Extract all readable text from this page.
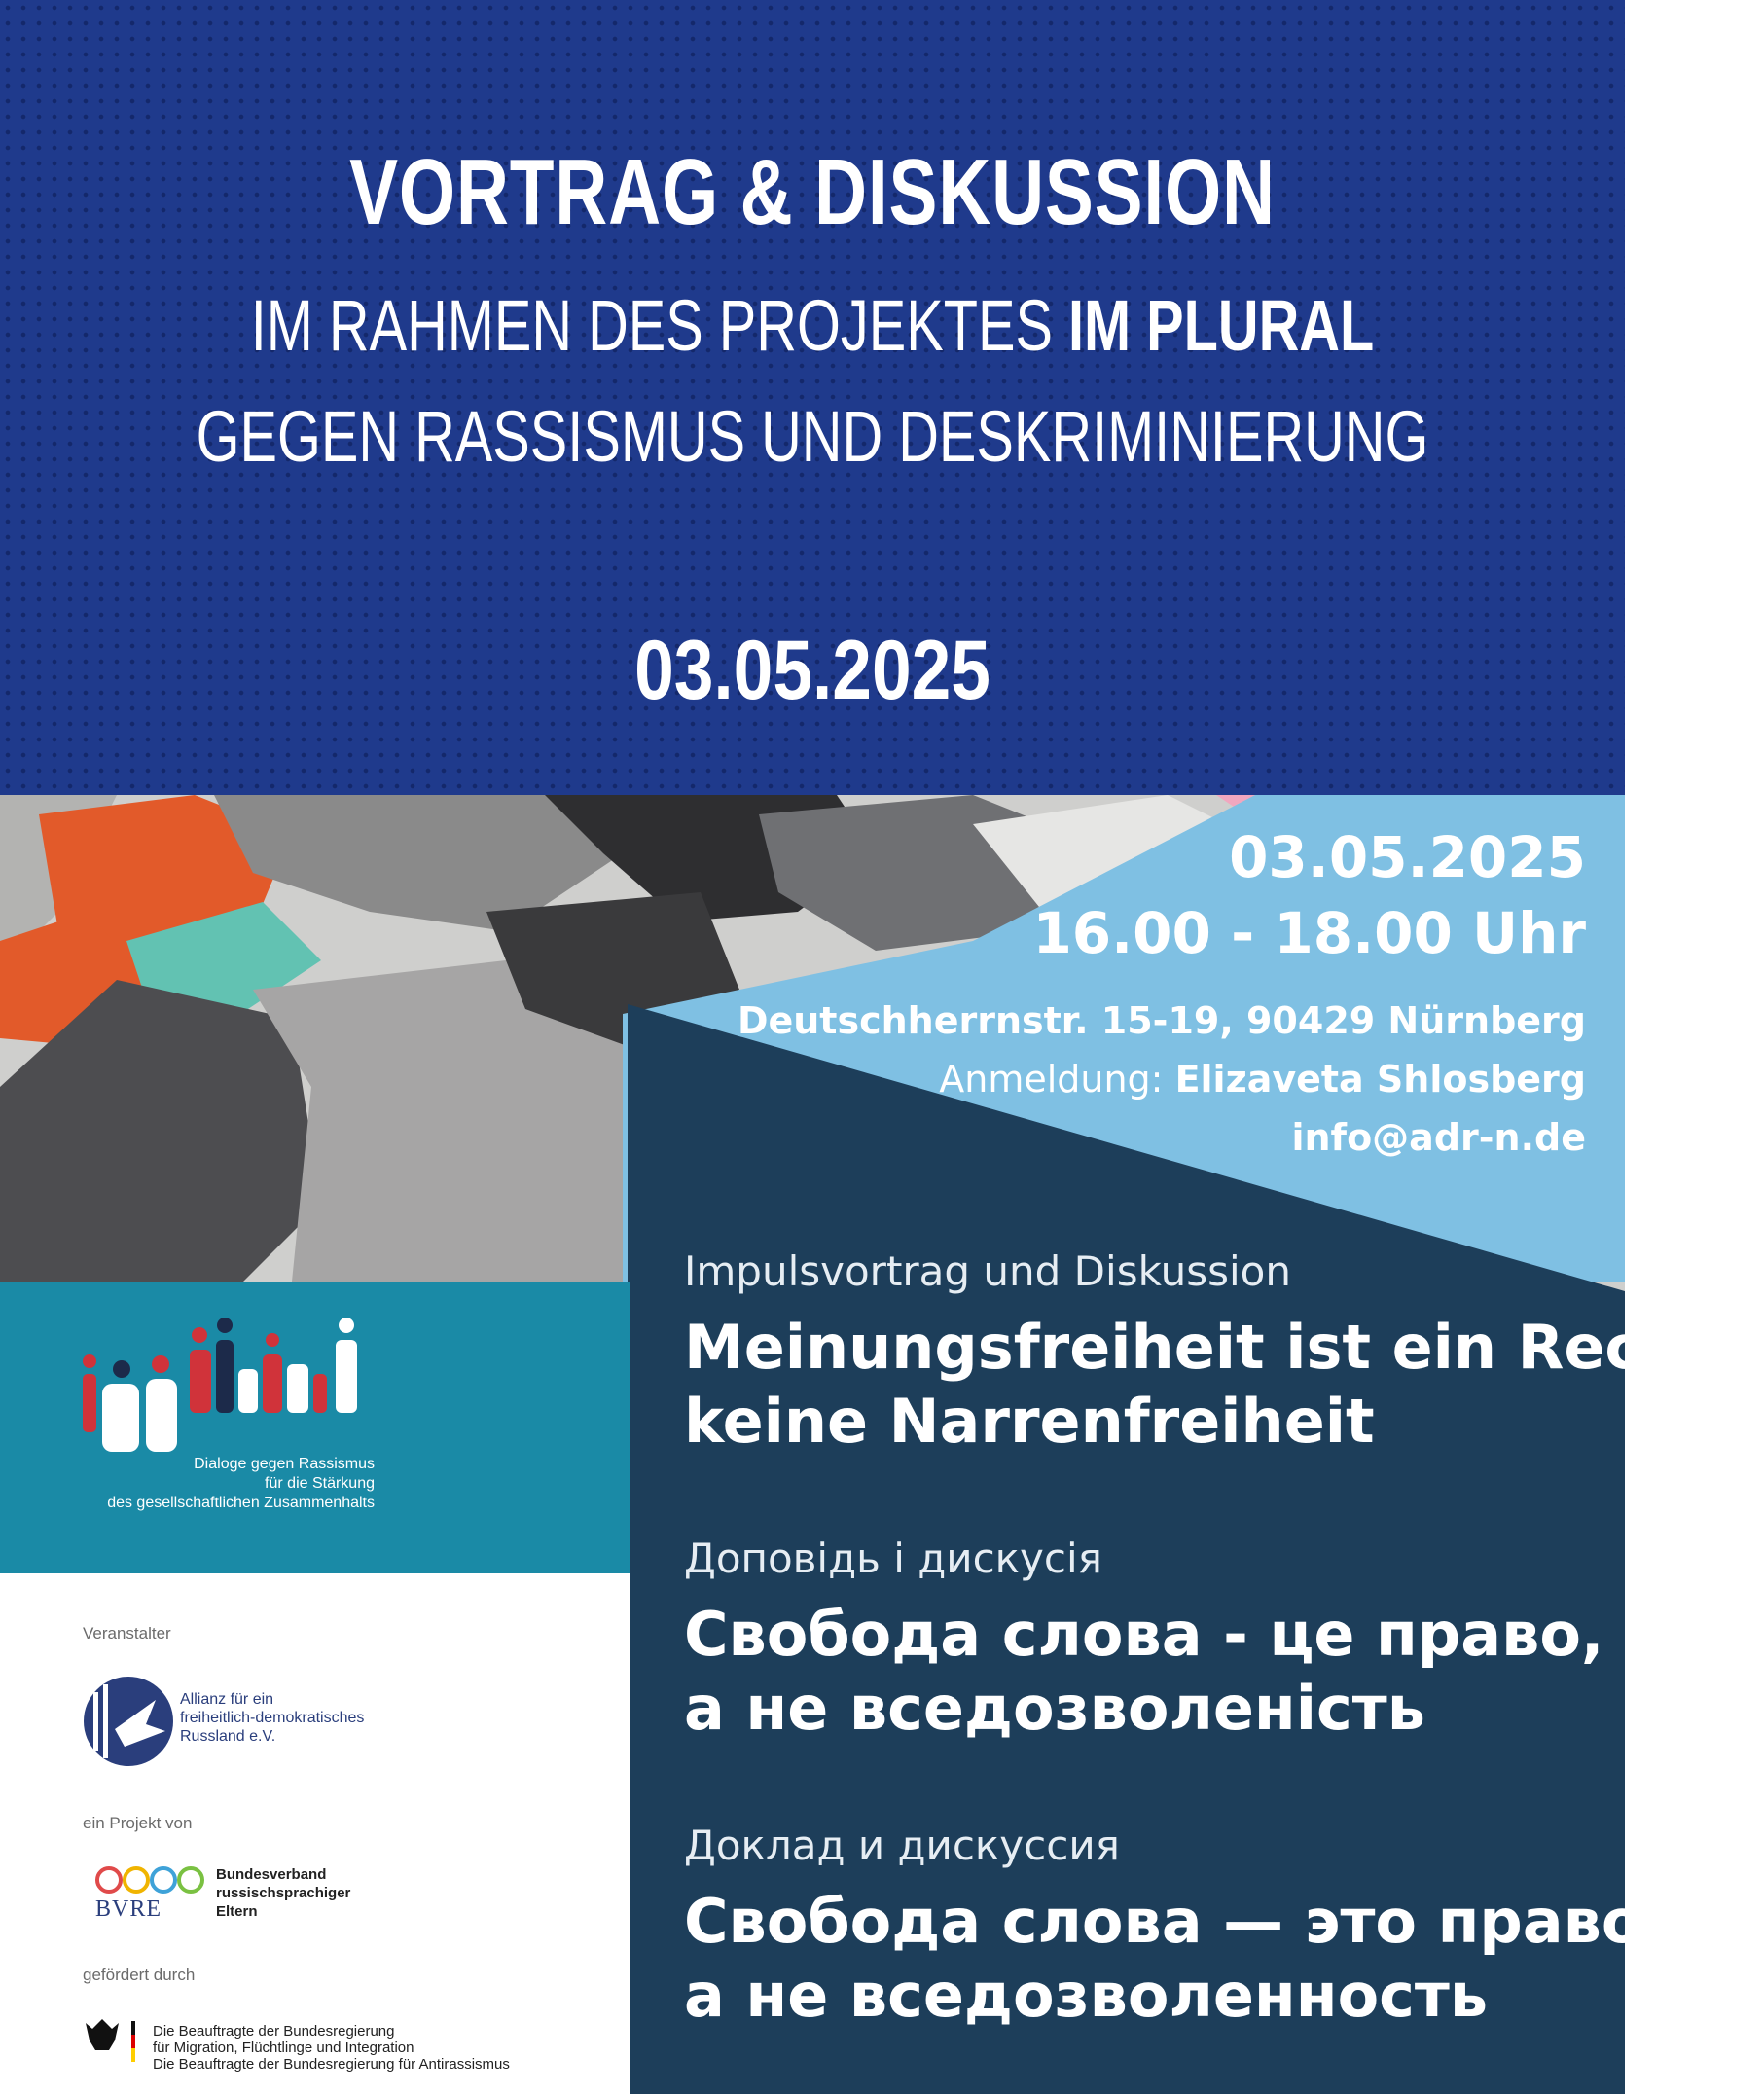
VORTRAG & DISKUSSION
IM RAHMEN DES PROJEKTES IM PLURAL
GEGEN RASSISMUS UND DESKRIMINIERUNG
03.05.2025
03.05.2025
16.00 - 18.00 Uhr
Deutschherrnstr. 15-19, 90429 Nürnberg
Anmeldung: Elizaveta Shlosberg
info@adr-n.de
Impulsvortrag und Diskussion
Meinungsfreiheit ist ein Recht –
keine Narrenfreiheit
Доповідь і дискусія
Свобода слова - це право,
а не вседозволеність
Доклад и дискуссия
Свобода слова — это право,
а не вседозволенность
Dialoge gegen Rassismus
für die Stärkung
des gesellschaftlichen Zusammenhalts
Veranstalter
Allianz für ein
freiheitlich-demokratisches
Russland e.V.
ein Projekt von
BVRE
Bundesverband
russischsprachiger
Eltern
gefördert durch
Die Beauftragte der Bundesregierung
für Migration, Flüchtlinge und Integration
Die Beauftragte der Bundesregierung für Antirassismus
